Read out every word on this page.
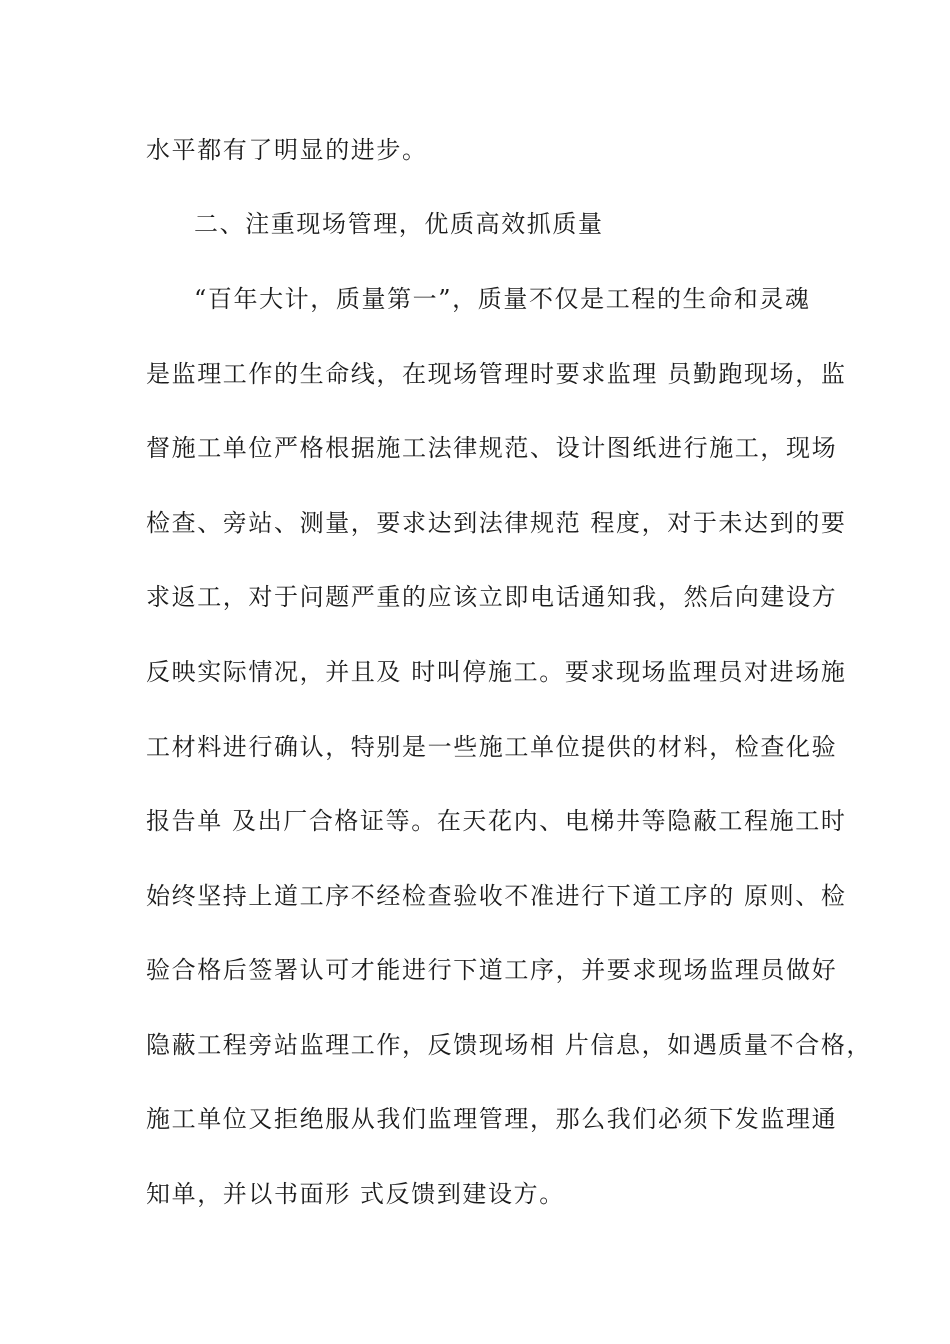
水平都有了明显的进步。
二、注重现场管理，优质高效抓质量
“百年大计，质量第一”，质量不仅是工程的生命和灵魂
是监理工作的生命线，在现场管理时要求监理 员勤跑现场，监
督施工单位严格根据施工法律规范、设计图纸进行施工，现场
检查、旁站、测量，要求达到法律规范 程度，对于未达到的要
求返工，对于问题严重的应该立即电话通知我，然后向建设方
反映实际情况，并且及 时叫停施工。要求现场监理员对进场施
工材料进行确认，特别是一些施工单位提供的材料，检查化验
报告单 及出厂合格证等。在天花内、电梯井等隐蔽工程施工时
始终坚持上道工序不经检查验收不准进行下道工序的 原则、检
验合格后签署认可才能进行下道工序，并要求现场监理员做好
隐蔽工程旁站监理工作，反馈现场相 片信息，如遇质量不合格，
施工单位又拒绝服从我们监理管理，那么我们必须下发监理通
知单，并以书面形 式反馈到建设方。
